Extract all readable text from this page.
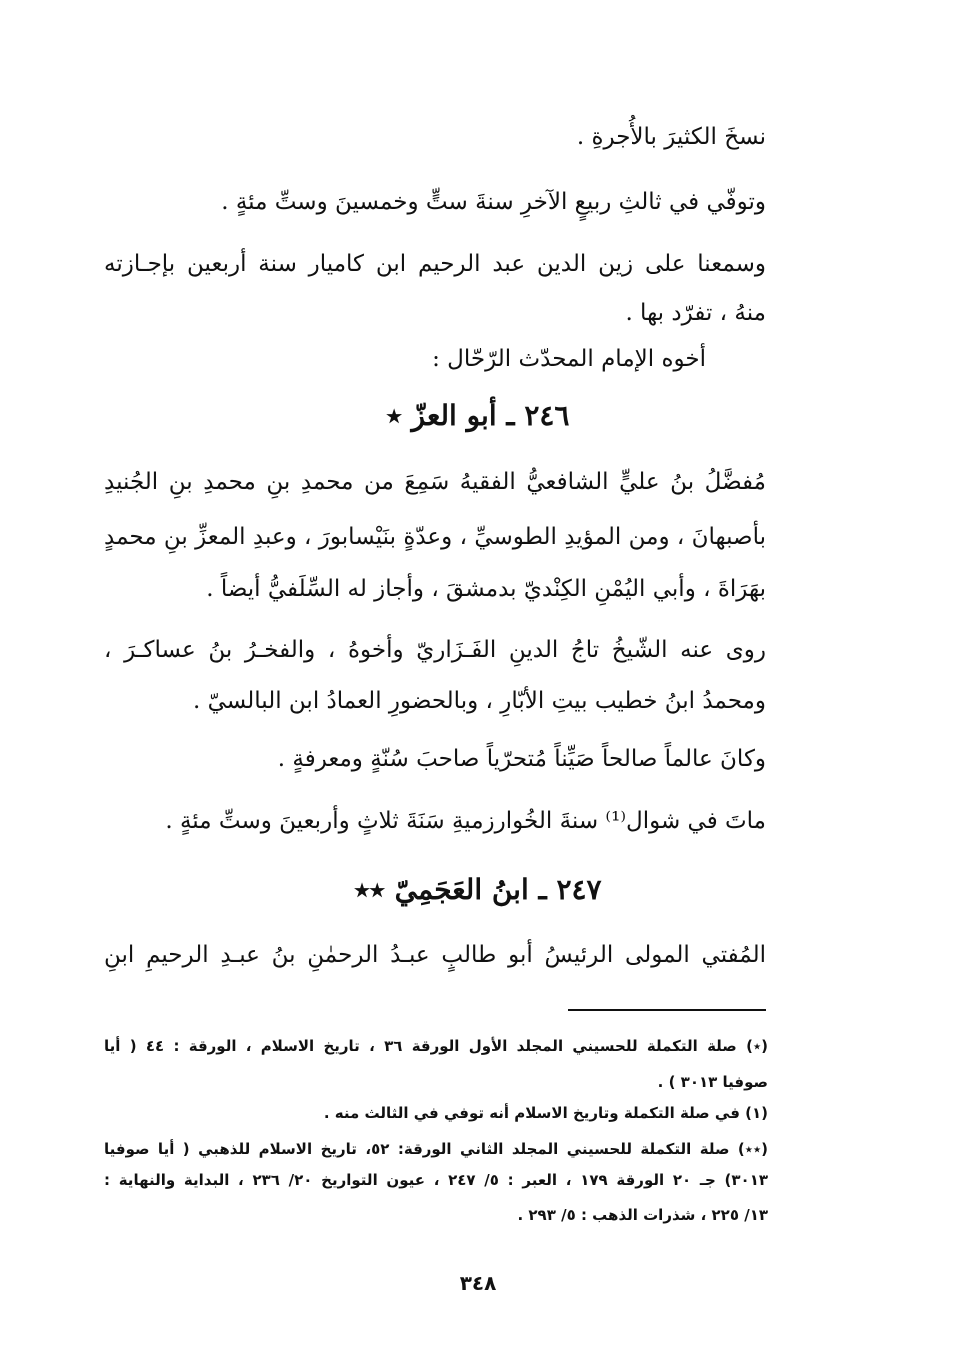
نسخَ الكثيرَ بالأُجرةِ .
وتوفّي في ثالثِ ربيعٍ الآخرِ سنةَ ستٍّ وخمسينَ وستِّ مئةٍ .
وسمعنا على زين الدين عبد الرحيم ابن كاميار سنة أربعين بإجـازته
منهُ ، تفرّد بها .
أخوه الإمام المحدّث الرّحّال :
٢٤٦ ـ أبو العزّ ٭
مُفضَّلُ بنُ عليٍّ الشافعيُّ الفقيهُ سَمِعَ من محمدِ بنِ محمدِ بنِ الجُنيدِ
بأصبهانَ ، ومن المؤيدِ الطوسيِّ ، وعدّةٍ بنَيْسابورَ ، وعبدِ المعزِّ بنِ محمدٍ
بهَرَاةَ ، وأبي اليُمْنِ الكِنْديّ بدمشقَ ، وأجاز له السِّلَفيُّ أيضاً .
روى عنه الشّيخُ تاجُ الدينِ الفَـزَاريّ وأخوهُ ، والفخـرُ بنُ عساكـرَ ،
ومحمدُ ابنُ خطيب بيتِ الأبّارِ ، وبالحضورِ العمادُ ابن البالسيّ .
وكانَ عالماً صالحاً صَيِّناً مُتحرّياً صاحبَ سُنّةٍ ومعرفةٍ .
ماتَ في شوال⁽¹⁾ سنةَ الخُوارزميةِ سَنَةَ ثلاثٍ وأربعينَ وستِّ مئةٍ .
٢٤٧ ـ ابنُ العَجَمِيّ ٭٭
المُفتي المولى الرئيسُ أبو طالبٍ عبـدُ الرحمٰنِ بنُ عبـدِ الرحيمِ ابنِ
(٭) صلة التكملة للحسيني المجلد الأول الورقة ٣٦ ، تاريخ الاسلام ، الورقة : ٤٤ ( أيا
صوفيا ٣٠١٣ ) .
(١) في صلة التكملة وتاريخ الاسلام أنه توفي في الثالث منه .
(٭٭) صلة التكملة للحسيني المجلد الثاني الورقة: ٥٢، تاريخ الاسلام للذهبي ( أيا صوفيا
٣٠١٣) جـ ٢٠ الورقة ١٧٩ ، العبر : ٥/ ٢٤٧ ، عيون التواريخ ٢٠/ ٢٣٦ ، البداية والنهاية :
١٣/ ٢٢٥ ، شذرات الذهب : ٥/ ٢٩٣ .
٣٤٨
